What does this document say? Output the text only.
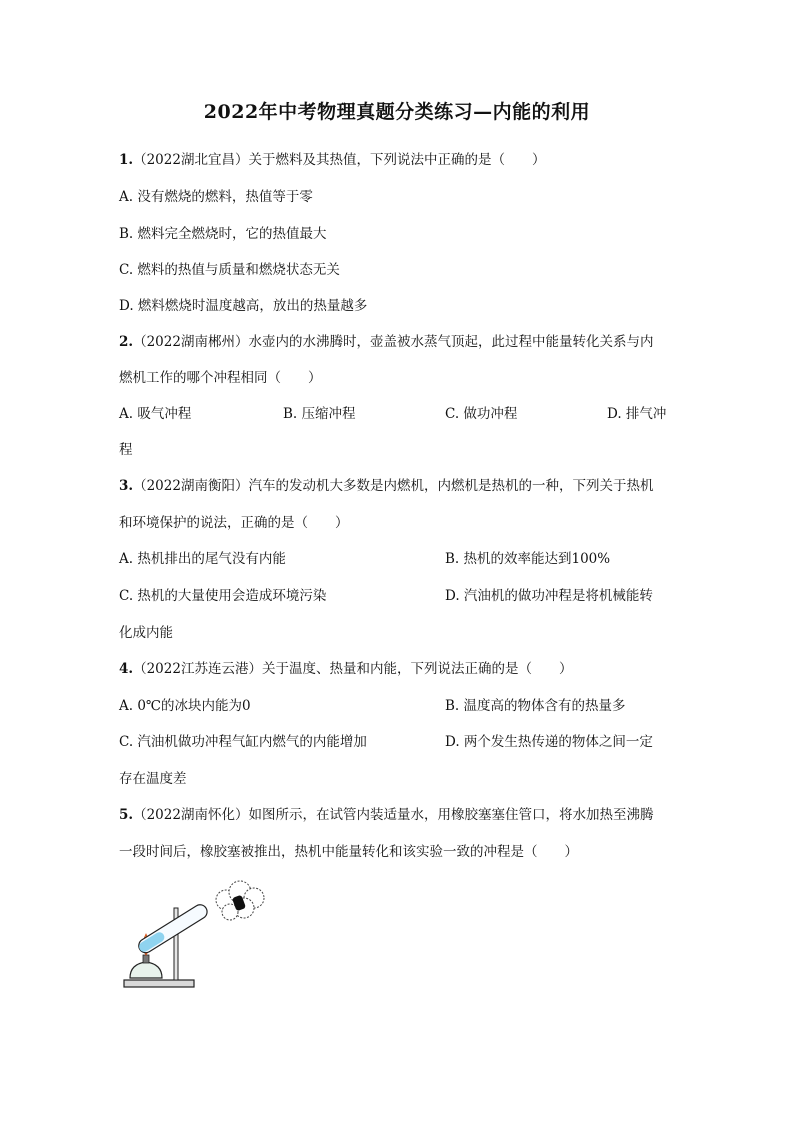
2022年中考物理真题分类练习—内能的利用
1.（2022湖北宜昌）关于燃料及其热值，下列说法中正确的是（　　）
A. 没有燃烧的燃料，热值等于零
B. 燃料完全燃烧时，它的热值最大
C. 燃料的热值与质量和燃烧状态无关
D. 燃料燃烧时温度越高，放出的热量越多
2.（2022湖南郴州）水壶内的水沸腾时，壶盖被水蒸气顶起，此过程中能量转化关系与内
燃机工作的哪个冲程相同（　　）
A. 吸气冲程	B. 压缩冲程	C. 做功冲程	D. 排气冲
程
3.（2022湖南衡阳）汽车的发动机大多数是内燃机，内燃机是热机的一种，下列关于热机
和环境保护的说法，正确的是（　　）
A. 热机排出的尾气没有内能	B. 热机的效率能达到100%
C. 热机的大量使用会造成环境污染	D. 汽油机的做功冲程是将机械能转
化成内能
4.（2022江苏连云港）关于温度、热量和内能，下列说法正确的是（　　）
A. 0℃的冰块内能为0	B. 温度高的物体含有的热量多
C. 汽油机做功冲程气缸内燃气的内能增加	D. 两个发生热传递的物体之间一定
存在温度差
5.（2022湖南怀化）如图所示，在试管内装适量水，用橡胶塞塞住管口，将水加热至沸腾
一段时间后，橡胶塞被推出，热机中能量转化和该实验一致的冲程是（　　）
